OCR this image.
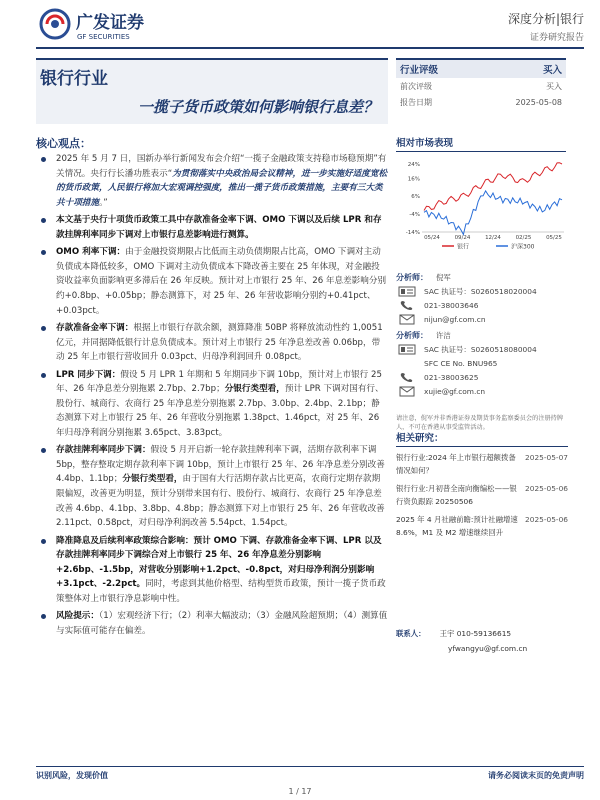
广发证券
GF SECURITIES
深度分析|银行
证券研究报告
银行行业
一揽子货币政策如何影响银行息差？
行业评级	买入
前次评级	买入
报告日期	2025-05-08
核心观点：
2025 年 5 月 7 日，国新办举行新闻发布会介绍“一揽子金融政策支持稳市场稳预期”有关情况。央行行长潘功胜表示“为贯彻落实中央政治局会议精神，进一步实施好适度宽松的货币政策，人民银行将加大宏观调控强度，推出一揽子货币政策措施，主要有三大类共十项措施。”
本文基于央行十项货币政策工具中存款准备金率下调、OMO 下调以及后续 LPR 和存款挂牌利率同步下调对上市银行息差影响进行测算。
OMO 利率下调：由于金融投资期限占比低而主动负债期限占比高，OMO 下调对主动负债成本降低较多，OMO 下调对主动负债成本下降改善主要在 25 年体现，对金融投资收益率负面影响更多滞后在 26 年反映。预计对上市银行 25 年、26 年息差影响分别约+0.8bp、+0.05bp；静态测算下，对 25 年、26 年营收影响分别约+0.41pct、+0.03pct。
存款准备金率下调：根据上市银行存款余额，测算降准 50BP 将释放流动性约 1,0051 亿元，并同据降低银行计息负债成本。预计对上市银行 25 年净息差改善 0.06bp，带动 25 年上市银行营收回升 0.03pct、归母净利润回升 0.08pct。
LPR 同步下调：假设 5 月 LPR 1 年期和 5 年期同步下调 10bp，预计对上市银行 25 年、26 年净息差分别拖累 2.7bp、2.7bp；分银行类型看，预计 LPR 下调对国有行、股份行、城商行、农商行 25 年净息差分别拖累 2.7bp、3.0bp、2.4bp、2.1bp；静态测算下对上市银行 25 年、26 年营收分别拖累 1.38pct、1.46pct，对 25 年、26 年归母净利润分别拖累 3.65pct、3.83pct。
存款挂牌利率同步下调：假设 5 月开启新一轮存款挂牌利率下调，活期存款利率下调 5bp，整存整取定期存款利率下调 10bp，预计上市银行 25 年、26 年净息差分别改善 4.4bp、1.1bp；分银行类型看，由于国有大行活期存款占比更高，农商行定期存款期限偏短，改善更为明显，预计分别带来国有行、股份行、城商行、农商行 25 年净息差改善 4.6bp、4.1bp、3.8bp、4.8bp；静态测算下对上市银行 25 年、26 年营收改善 2.11pct、0.58pct，对归母净利润改善 5.54pct、1.54pct。
降准降息及后续利率政策综合影响：预计 OMO 下调、存款准备金率下调、LPR 以及存款挂牌利率同步下调综合对上市银行 25 年、26 年净息差分别影响+2.6bp、-1.5bp，对营收分别影响+1.2pct、-0.8pct，对归母净利润分别影响+3.1pct、-2.2pct。同时，考虑到其他价格型、结构型货币政策，预计一揽子货币政策整体对上市银行净息影响中性。
风险提示：（1）宏观经济下行；（2）利率大幅波动；（3）金融风险超预期；（4）测算值与实际值可能存在偏差。
相对市场表现
24%
16%
6%
-4%
-14%
05/24	09/24	12/24	02/25	05/25
银行	沪深300
分析师：	倪军
SAC 执证号：S0260518020004
021-38003646
nijun@gf.com.cn
分析师：	许洁
SAC 执证号：S0260518080004
SFC CE No. BNU965
021-38003625
xujie@gf.com.cn
请注意，倪军并非香港证券及期货事务监察委员会的注册持牌人，不可在香港从事受监管活动。
相关研究：
银行行业:2024 年上市银行超额拨备情况如何？
2025-05-07
银行行业:月初普全南向衡编松——银行资负跟踪 20250506
2025-05-06
2025 年 4 月社融前瞻:预计社融增速 8.6%，M1 及 M2 增速继续回升
2025-05-06
联系人： 王宇 010-59136615
yfwangyu@gf.com.cn
识别风险，发现价值	请务必阅读末页的免责声明
1 / 17
